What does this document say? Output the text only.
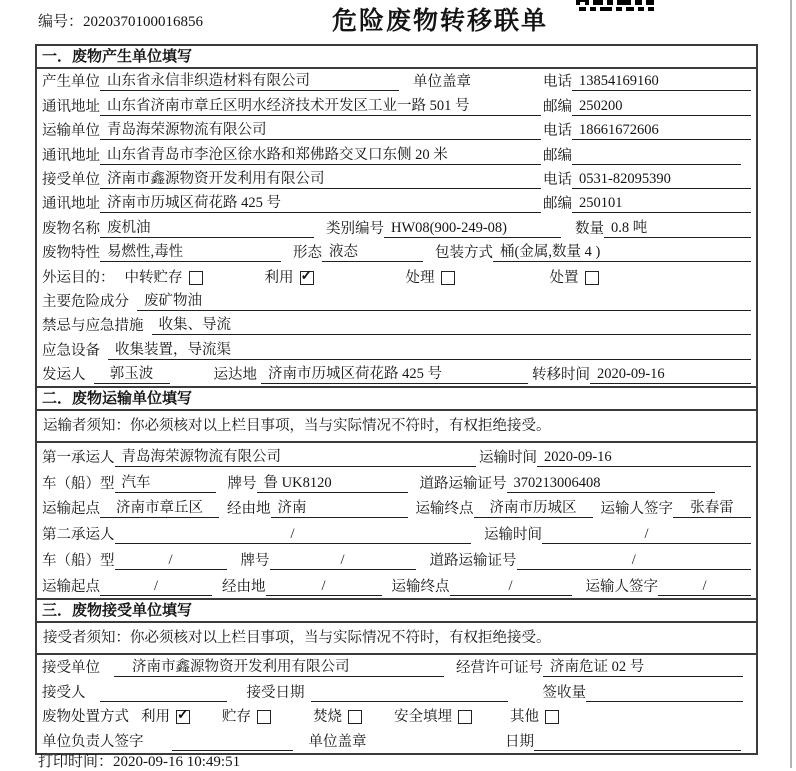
编号：2020370100016856	危险废物转移联单
一．废物产生单位填写
产生单位 山东省永信非织造材料有限公司	单位盖章	电话 13854169160
通讯地址 山东省济南市章丘区明水经济技术开发区工业一路 501 号	邮编 250200
运输单位 青岛海荣源物流有限公司	电话 18661672606
通讯地址 山东省青岛市李沧区徐水路和郑佛路交叉口东侧 20 米	邮编
接受单位 济南市鑫源物资开发利用有限公司	电话 0531-82095390
通讯地址 济南市历城区荷花路 425 号	邮编 250101
废物名称 废机油	类别编号 HW08(900-249-08)	数量 0.8 吨
废物特性 易燃性,毒性	形态 液态	包装方式 桶(金属,数量 4 )
外运目的： 中转贮存	利用 ✓	处理	处置
主要危险成分	废矿物油
禁忌与应急措施	收集、导流
应急设备	收集装置，导流渠
发运人	郭玉波	运达地 济南市历城区荷花路 425 号	转移时间 2020-09-16
二．废物运输单位填写
运输者须知：你必须核对以上栏目事项，当与实际情况不符时，有权拒绝接受。
第一承运人 青岛海荣源物流有限公司	运输时间 2020-09-16
车（船）型 汽车	牌号 鲁 UK8120	道路运输证号 370213006408
运输起点	济南市章丘区	经由地 济南	运输终点	济南市历城区	运输人签字	张春雷
第二承运人	/	运输时间	/
车（船）型	/	牌号	/	道路运输证号	/
运输起点	/	经由地	/	运输终点	/	运输人签字	/
三．废物接受单位填写
接受者须知：你必须核对以上栏目事项，当与实际情况不符时，有权拒绝接受。
接受单位	济南市鑫源物资开发利用有限公司	经营许可证号 济南危证 02 号
接受人	接受日期	签收量
废物处置方式 利用 ✓	贮存	焚烧	安全填埋	其他
单位负责人签字	单位盖章	日期
打印时间：2020-09-16 10:49:51
